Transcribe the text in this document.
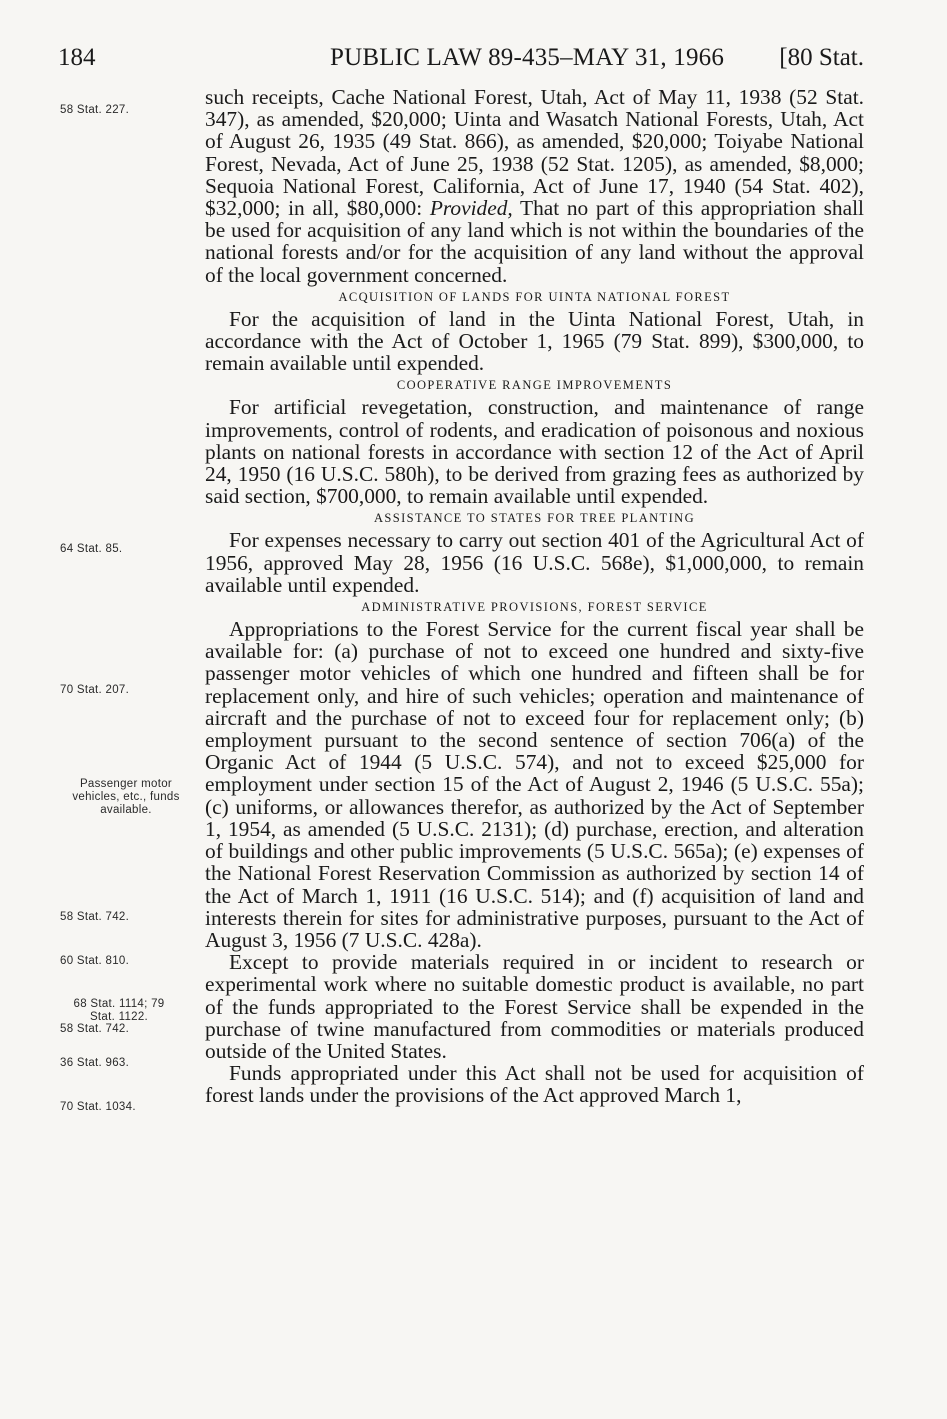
184	PUBLIC LAW 89-435–MAY 31, 1966 [80 Stat.
58 Stat. 227.
64 Stat. 85.
70 Stat. 207.
Passenger motor vehicles, etc., funds available.
58 Stat. 742.
60 Stat. 810.
68 Stat. 1114; 79 Stat. 1122.
58 Stat. 742.
36 Stat. 963.
70 Stat. 1034.

such receipts, Cache National Forest, Utah, Act of May 11, 1938 (52 Stat. 347), as amended, $20,000; Uinta and Wasatch National Forests, Utah, Act of August 26, 1935 (49 Stat. 866), as amended, $20,000; Toiyabe National Forest, Nevada, Act of June 25, 1938 (52 Stat. 1205), as amended, $8,000; Sequoia National Forest, California, Act of June 17, 1940 (54 Stat. 402), $32,000; in all, $80,000: Provided, That no part of this appropriation shall be used for acquisition of any land which is not within the boundaries of the national forests and/or for the acquisition of any land without the approval of the local government concerned.

ACQUISITION OF LANDS FOR UINTA NATIONAL FOREST

For the acquisition of land in the Uinta National Forest, Utah, in accordance with the Act of October 1, 1965 (79 Stat. 899), $300,000, to remain available until expended.

COOPERATIVE RANGE IMPROVEMENTS

For artificial revegetation, construction, and maintenance of range improvements, control of rodents, and eradication of poisonous and noxious plants on national forests in accordance with section 12 of the Act of April 24, 1950 (16 U.S.C. 580h), to be derived from grazing fees as authorized by said section, $700,000, to remain available until expended.

ASSISTANCE TO STATES FOR TREE PLANTING

For expenses necessary to carry out section 401 of the Agricultural Act of 1956, approved May 28, 1956 (16 U.S.C. 568e), $1,000,000, to remain available until expended.

ADMINISTRATIVE PROVISIONS, FOREST SERVICE

Appropriations to the Forest Service for the current fiscal year shall be available for: (a) purchase of not to exceed one hundred and sixty-five passenger motor vehicles of which one hundred and fifteen shall be for replacement only, and hire of such vehicles; operation and maintenance of aircraft and the purchase of not to exceed four for replacement only; (b) employment pursuant to the second sentence of section 706(a) of the Organic Act of 1944 (5 U.S.C. 574), and not to exceed $25,000 for employment under section 15 of the Act of August 2, 1946 (5 U.S.C. 55a); (c) uniforms, or allowances therefor, as authorized by the Act of September 1, 1954, as amended (5 U.S.C. 2131); (d) purchase, erection, and alteration of buildings and other public improvements (5 U.S.C. 565a); (e) expenses of the National Forest Reservation Commission as authorized by section 14 of the Act of March 1, 1911 (16 U.S.C. 514); and (f) acquisition of land and interests therein for sites for administrative purposes, pursuant to the Act of August 3, 1956 (7 U.S.C. 428a).

Except to provide materials required in or incident to research or experimental work where no suitable domestic product is available, no part of the funds appropriated to the Forest Service shall be expended in the purchase of twine manufactured from commodities or materials produced outside of the United States.

Funds appropriated under this Act shall not be used for acquisition of forest lands under the provisions of the Act approved March 1,
